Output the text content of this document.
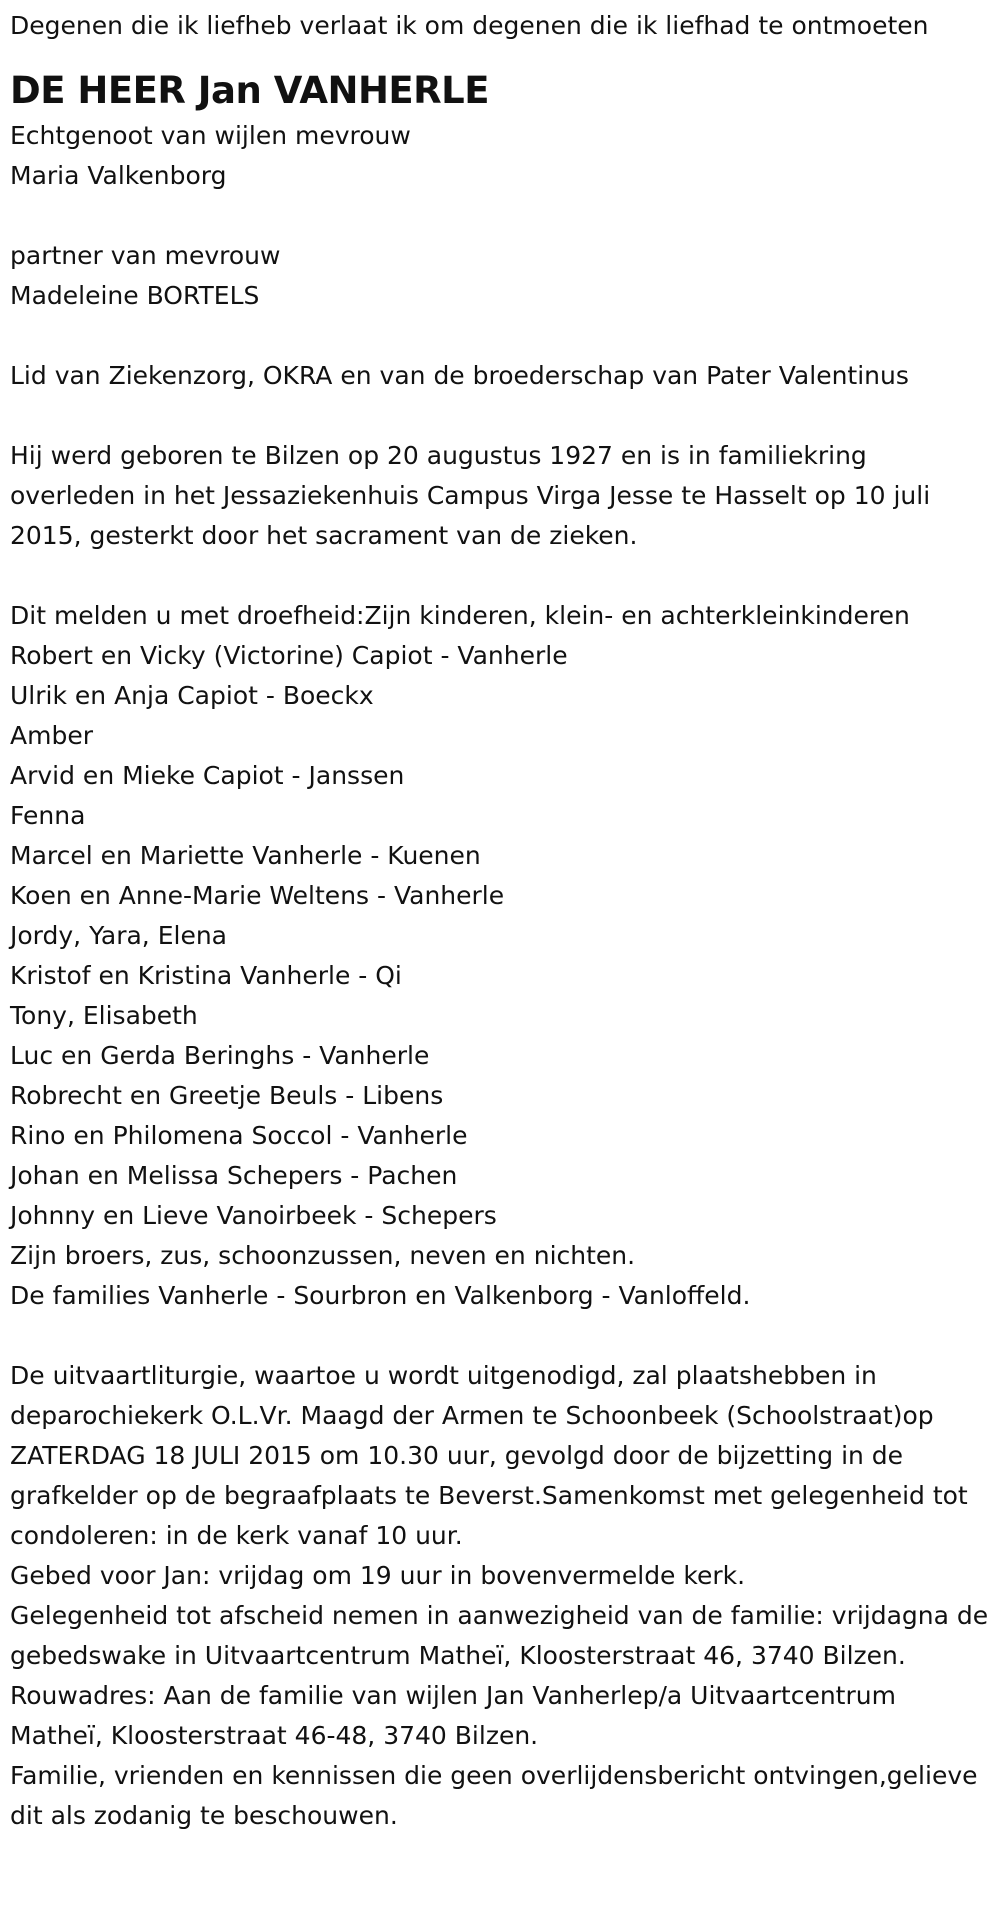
Degenen die ik liefheb verlaat ik om degenen die ik liefhad te ontmoeten

DE HEER Jan VANHERLE

Echtgenoot van wijlen mevrouw

Maria Valkenborg

partner van mevrouw

Madeleine BORTELS

Lid van Ziekenzorg, OKRA en van de broederschap van Pater Valentinus

Hij werd geboren te Bilzen op 20 augustus 1927 en is in familiekring overleden in het Jessaziekenhuis Campus Virga Jesse te Hasselt op 10 juli 2015, gesterkt door het sacrament van de zieken.

Dit melden u met droefheid:Zijn kinderen, klein- en achterkleinkinderen

Robert en Vicky (Victorine) Capiot - Vanherle

Ulrik en Anja Capiot - Boeckx

Amber

Arvid en Mieke Capiot - Janssen

Fenna

Marcel en Mariette Vanherle - Kuenen

Koen en Anne-Marie Weltens - Vanherle

Jordy, Yara, Elena

Kristof en Kristina Vanherle - Qi

Tony, Elisabeth

Luc en Gerda Beringhs - Vanherle

Robrecht en Greetje Beuls - Libens

Rino en Philomena Soccol - Vanherle

Johan en Melissa Schepers - Pachen

Johnny en Lieve Vanoirbeek - Schepers

Zijn broers, zus, schoonzussen, neven en nichten.

De families Vanherle - Sourbron en Valkenborg - Vanloffeld.

De uitvaartliturgie, waartoe u wordt uitgenodigd, zal plaatshebben in deparochiekerk O.L.Vr. Maagd der Armen te Schoonbeek (Schoolstraat)op ZATERDAG 18 JULI 2015 om 10.30 uur, gevolgd door de bijzetting in de grafkelder op de begraafplaats te Beverst.Samenkomst met gelegenheid tot condoleren: in de kerk vanaf 10 uur.

Gebed voor Jan: vrijdag om 19 uur in bovenvermelde kerk.

Gelegenheid tot afscheid nemen in aanwezigheid van de familie: vrijdagna de gebedswake in Uitvaartcentrum Matheï, Kloosterstraat 46, 3740 Bilzen.

Rouwadres: Aan de familie van wijlen Jan Vanherlep/a Uitvaartcentrum Matheï, Kloosterstraat 46-48, 3740 Bilzen.

Familie, vrienden en kennissen die geen overlijdensbericht ontvingen,gelieve dit als zodanig te beschouwen.
